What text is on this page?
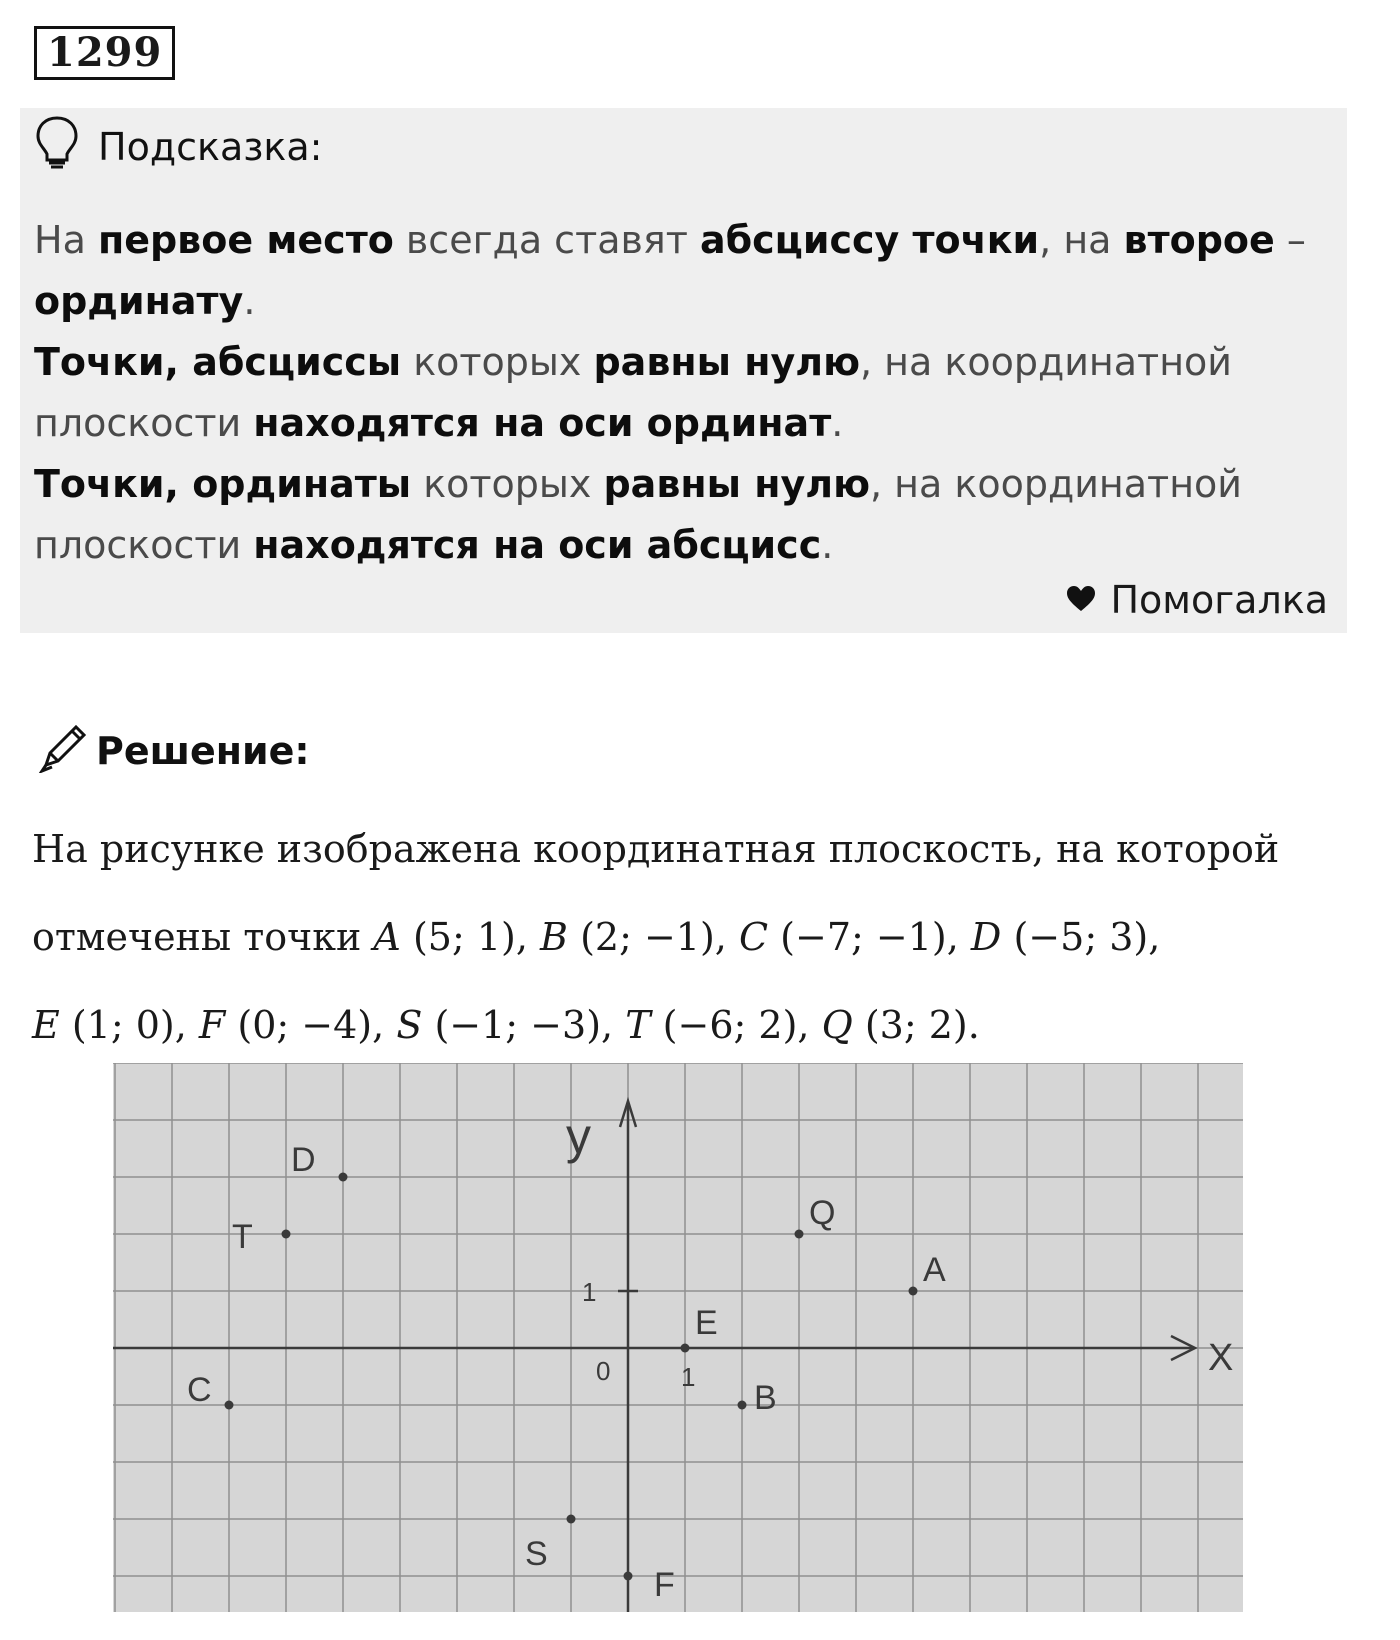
1299
Подсказка:

На первое место всегда ставят абсциссу точки, на второе – ординату.

Точки, абсциссы которых равны нулю, на координатной плоскости находятся на оси ординат.

Точки, ординаты которых равны нулю, на координатной плоскости находятся на оси абсцисс.

Помогалка
Решение:

На рисунке изображена координатная плоскость, на которой отмечены точки A (5; 1), B (2; −1), C (−7; −1), D (−5; 3),
E (1; 0), F (0; −4), S (−1; −3), T (−6; 2), Q (3; 2).

X
y
0	1
1
A
B
C
D
E
F
S
T
Q
